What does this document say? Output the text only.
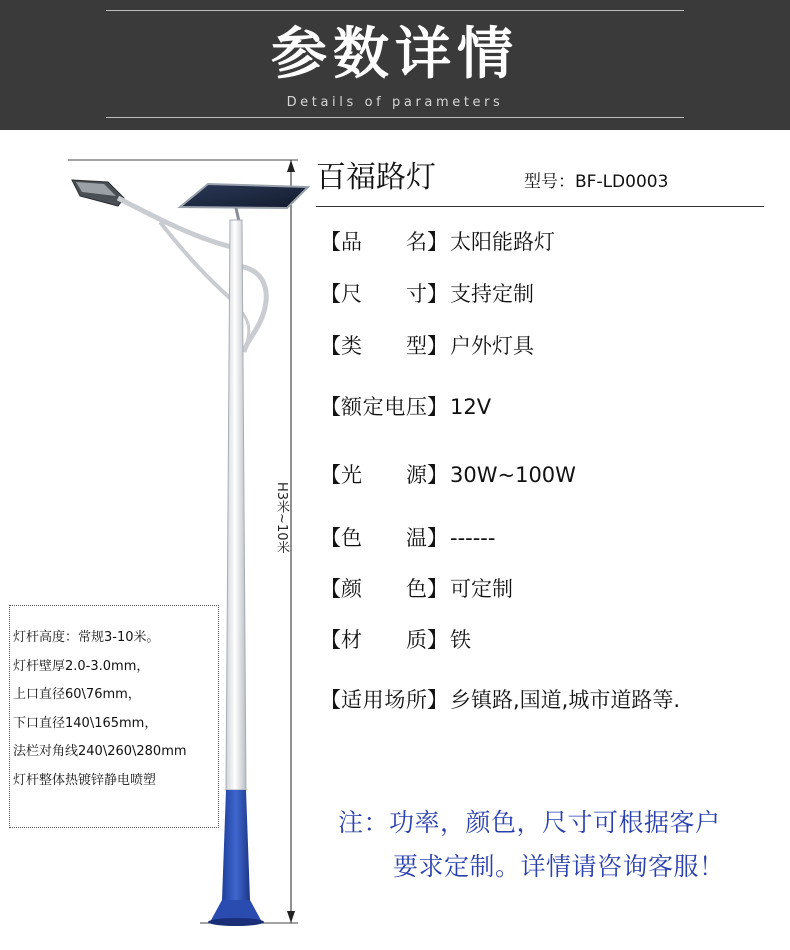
参数详情
Details of parameters
H3米~10米
灯杆高度：常规3-10米。
灯杆壁厚2.0-3.0mm，
上口直径60\76mm，
下口直径140\165mm，
法栏对角线240\260\280mm
灯杆整体热镀锌静电喷塑
百福路灯	型号：BF-LD0003
【品　　名】太阳能路灯
【尺　　寸】支持定制
【类　　型】户外灯具
【额定电压】12V
【光　　源】30W~100W
【色　　温】------
【颜　　色】可定制
【材　　质】铁
【适用场所】乡镇路,国道,城市道路等.
注：功率，颜色，尺寸可根据客户
要求定制。详情请咨询客服！
